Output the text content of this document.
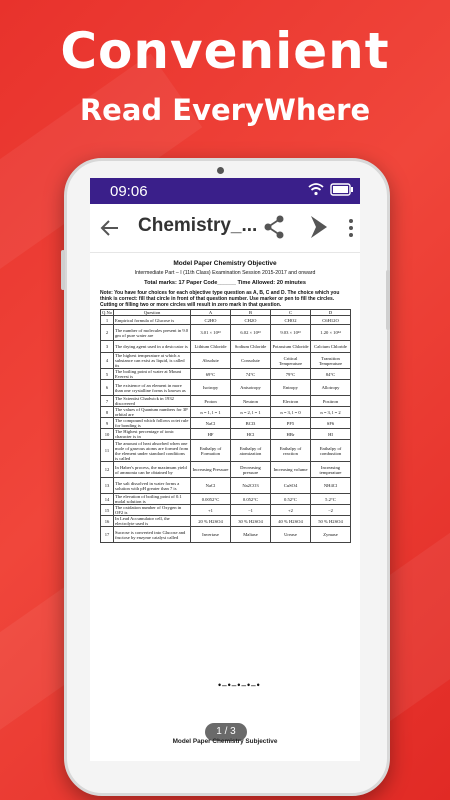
Convenient
Read EveryWhere
09:06
Chemistry_...
Model Paper Chemistry Objective
Intermediate Part – I (11th Class) Examination Session 2015-2017 and onward
Total marks: 17 Paper Code______ Time Allowed: 20 minutes
Note: You have four choices for each objective type question as A, B, C and D. The choice which you think is correct: fill that circle in front of that question number. Use marker or pen to fill the circles. Cutting or filling two or more circles will result in zero mark in that question.
Q.No	Question	A	B	C	D
1	Empirical formula of Glucose is	C2HO	CH2O	CHO2	C6H12O
2	The number of molecules present in 9.0 gm of pure water are	3.01 × 10²³	6.02 × 10²³	9.03 × 10²³	1.20 × 10²⁴
3	The drying agent used in a desiccator is	Lithium Chloride	Sodium Chloride	Potassium Chloride	Calcium Chloride
4	The highest temperature at which a substance can exist as liquid, is called its	Absolute	Consolute	Critical Temperature	Transition Temperature
5	The boiling point of water at Mount Everest is	69°C	74°C	79°C	84°C
6	The existence of an element in more than one crystalline forms is known as	Isotropy	Anisotropy	Entropy	Allotropy
7	The Scientist Chadwick in 1932 discovered	Proton	Neutron	Electron	Positron
8	The values of Quantum numbers for 3P orbital are	n = 1, l = 1	n = 2, l = 1	n = 3, l = 0	n = 3, l = 2
9	The compound which follows octet rule for bonding is	NaCl	BCl3	PF5	SF6
10	The Highest percentage of ionic character is in	HF	HCl	HBr	HI
11	The amount of heat absorbed when one mole of gaseous atoms are formed from the element under standard conditions is called	Enthalpy of Formation	Enthalpy of atomization	Enthalpy of reaction	Enthalpy of combustion
12	In Haber's process, the maximum yield of ammonia can be obtained by	Increasing Pressure	Decreasing pressure	Increasing volume	Increasing temperature
13	The salt dissolved in water forms a solution with pH greater than 7 is	NaCl	Na2CO3	CuSO4	NH4Cl
14	The elevation of boiling point of 0.1 molal solution is	0.0052°C	0.052°C	0.52°C	5.2°C
15	The oxidation number of Oxygen in OF2 is	+1	−1	+2	−2
16	In Lead Accumulator cell, the electrolyte used is	20 % H2SO4	30 % H2SO4	40 % H2SO4	50 % H2SO4
17	Sucrose is converted into Glucose and fructose by enzyme catalyst called	Invertase	Maltase	Urease	Zymase
•–•–•–•–•
1 / 3
Model Paper Chemistry Subjective
